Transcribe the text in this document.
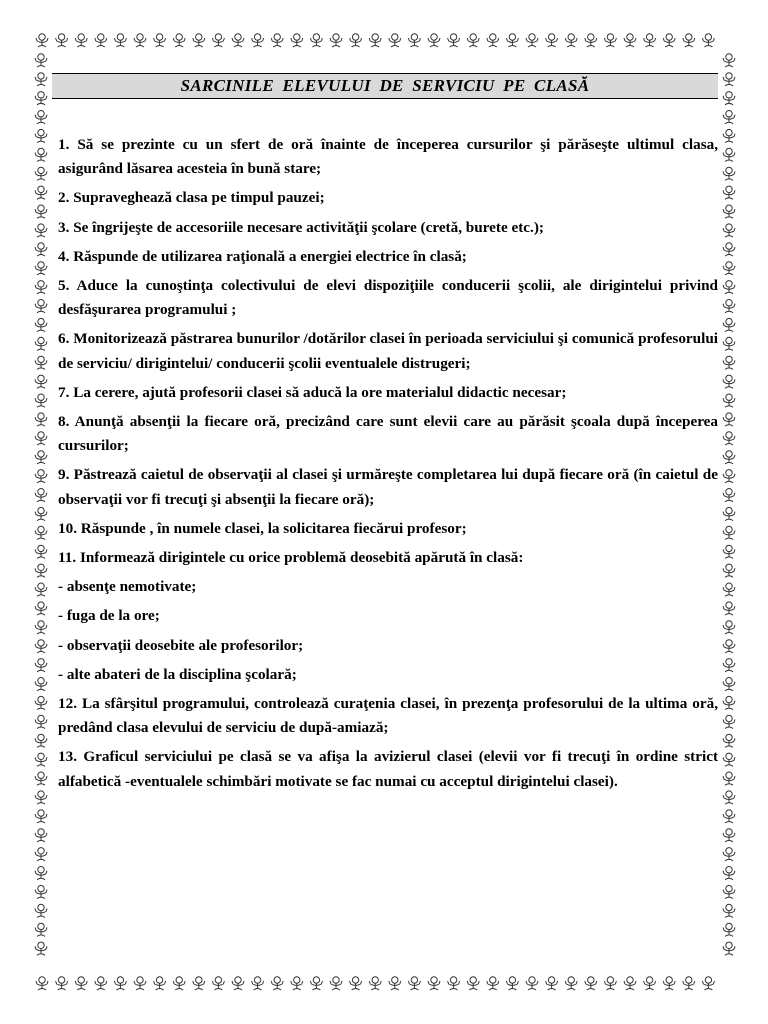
SARCINILE ELEVULUI DE SERVICIU PE CLASĂ

1. Să se prezinte cu un sfert de oră înainte de începerea cursurilor şi părăseşte ultimul clasa, asigurând lăsarea acesteia în bună stare;

2. Supraveghează clasa pe timpul pauzei;

3. Se îngrijeşte de accesoriile necesare activităţii şcolare (cretă, burete etc.);

4. Răspunde de utilizarea raţională a energiei electrice în clasă;

5. Aduce la cunoştinţa colectivului de elevi dispoziţiile conducerii şcolii, ale dirigintelui privind desfăşurarea programului ;

6. Monitorizează păstrarea bunurilor /dotărilor clasei în perioada serviciului şi comunică profesorului de serviciu/ dirigintelui/ conducerii şcolii eventualele distrugeri;

7. La cerere, ajută profesorii clasei să aducă la ore materialul didactic necesar;

8. Anunţă absenţii la fiecare oră, precizând care sunt elevii care au părăsit şcoala după începerea cursurilor;

9. Păstrează caietul de observaţii al clasei şi urmăreşte completarea lui după fiecare oră (în caietul de observaţii vor fi trecuţi şi absenţii la fiecare oră);

10. Răspunde , în numele clasei, la solicitarea fiecărui profesor;

11. Informează dirigintele cu orice problemă deosebită apărută în clasă:

- absenţe nemotivate;

- fuga de la ore;

- observaţii deosebite ale profesorilor;

- alte abateri de la disciplina şcolară;

12. La sfârşitul programului, controlează curaţenia clasei, în prezenţa profesorului de la ultima oră, predând clasa elevului de serviciu de după-amiază;

13. Graficul serviciului pe clasă se va afişa la avizierul clasei (elevii vor fi trecuţi în ordine strict alfabetică -eventualele schimbări motivate se fac numai cu acceptul dirigintelui clasei).
